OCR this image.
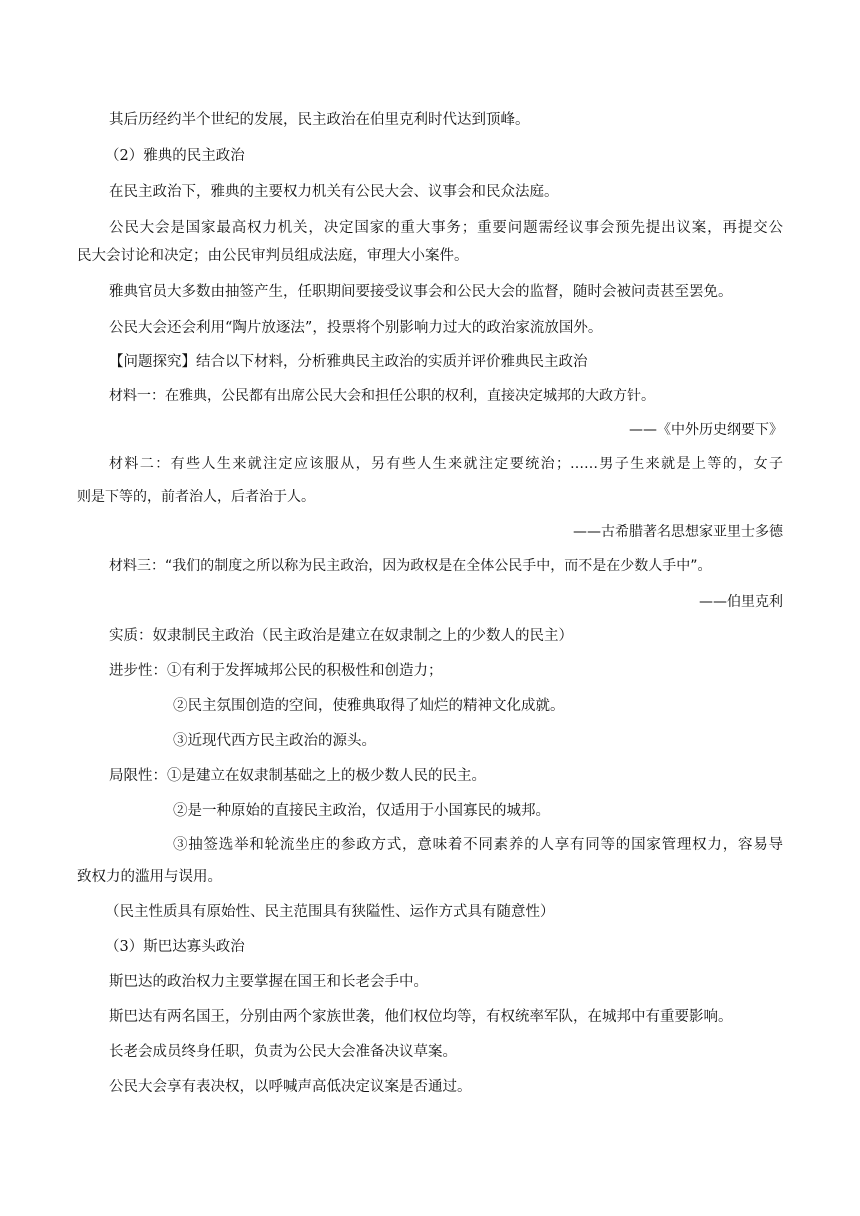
其后历经约半个世纪的发展，民主政治在伯里克利时代达到顶峰。
（2）雅典的民主政治
在民主政治下，雅典的主要权力机关有公民大会、议事会和民众法庭。
公民大会是国家最高权力机关，决定国家的重大事务；重要问题需经议事会预先提出议案，再提交公
民大会讨论和决定；由公民审判员组成法庭，审理大小案件。
雅典官员大多数由抽签产生，任职期间要接受议事会和公民大会的监督，随时会被问责甚至罢免。
公民大会还会利用“陶片放逐法”，投票将个别影响力过大的政治家流放国外。
【问题探究】结合以下材料，分析雅典民主政治的实质并评价雅典民主政治
材料一：在雅典，公民都有出席公民大会和担任公职的权利，直接决定城邦的大政方针。
——《中外历史纲要下》
材料二：有些人生来就注定应该服从，另有些人生来就注定要统治；……男子生来就是上等的，女子
则是下等的，前者治人，后者治于人。
——古希腊著名思想家亚里士多德
材料三：“我们的制度之所以称为民主政治，因为政权是在全体公民手中，而不是在少数人手中”。
——伯里克利
实质：奴隶制民主政治（民主政治是建立在奴隶制之上的少数人的民主）
进步性：①有利于发挥城邦公民的积极性和创造力；
②民主氛围创造的空间，使雅典取得了灿烂的精神文化成就。
③近现代西方民主政治的源头。
局限性：①是建立在奴隶制基础之上的极少数人民的民主。
②是一种原始的直接民主政治，仅适用于小国寡民的城邦。
③抽签选举和轮流坐庄的参政方式，意味着不同素养的人享有同等的国家管理权力，容易导
致权力的滥用与误用。
（民主性质具有原始性、民主范围具有狭隘性、运作方式具有随意性）
（3）斯巴达寡头政治
斯巴达的政治权力主要掌握在国王和长老会手中。
斯巴达有两名国王，分别由两个家族世袭，他们权位均等，有权统率军队，在城邦中有重要影响。
长老会成员终身任职，负责为公民大会准备决议草案。
公民大会享有表决权，以呼喊声高低决定议案是否通过。
